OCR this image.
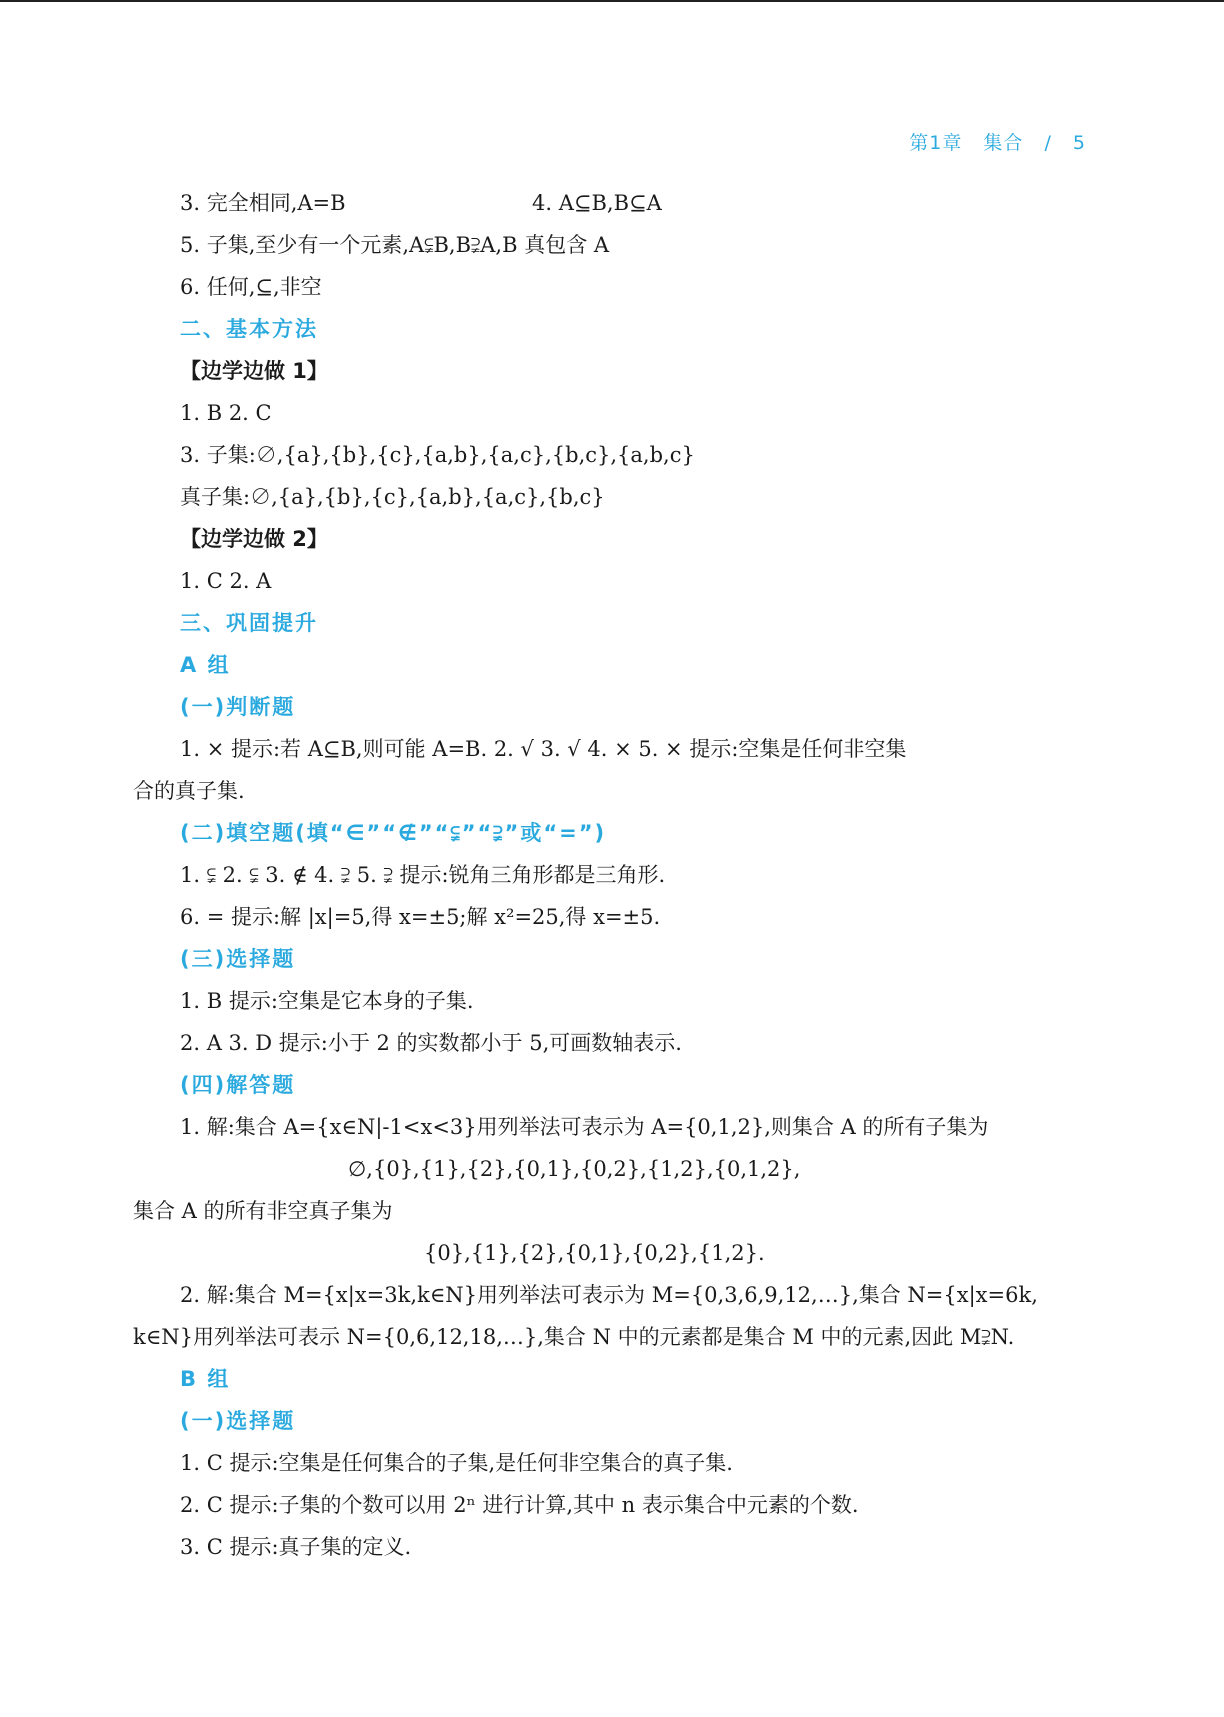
第1章 集合 / 5
3. 完全相同,A=B	4. A⊆B,B⊆A
5. 子集,至少有一个元素,A⫋B,B⫌A,B 真包含 A
6. 任何,⊆,非空
二、基本方法
【边学边做 1】
1. B 2. C
3. 子集:∅,{a},{b},{c},{a,b},{a,c},{b,c},{a,b,c}
真子集:∅,{a},{b},{c},{a,b},{a,c},{b,c}
【边学边做 2】
1. C 2. A
三、巩固提升
A 组
(一)判断题
1. × 提示:若 A⊆B,则可能 A=B. 2. √ 3. √ 4. × 5. × 提示:空集是任何非空集
合的真子集.
(二)填空题(填“∈”“∉”“⫋”“⫌”或“=”)
1. ⫋ 2. ⫋ 3. ∉ 4. ⫌ 5. ⫌ 提示:锐角三角形都是三角形.
6. = 提示:解 |x|=5,得 x=±5;解 x²=25,得 x=±5.
(三)选择题
1. B 提示:空集是它本身的子集.
2. A 3. D 提示:小于 2 的实数都小于 5,可画数轴表示.
(四)解答题
1. 解:集合 A={x∈N|-1<x<3}用列举法可表示为 A={0,1,2},则集合 A 的所有子集为
∅,{0},{1},{2},{0,1},{0,2},{1,2},{0,1,2},
集合 A 的所有非空真子集为
{0},{1},{2},{0,1},{0,2},{1,2}.
2. 解:集合 M={x|x=3k,k∈N}用列举法可表示为 M={0,3,6,9,12,…},集合 N={x|x=6k,
k∈N}用列举法可表示 N={0,6,12,18,…},集合 N 中的元素都是集合 M 中的元素,因此 M⫌N.
B 组
(一)选择题
1. C 提示:空集是任何集合的子集,是任何非空集合的真子集.
2. C 提示:子集的个数可以用 2ⁿ 进行计算,其中 n 表示集合中元素的个数.
3. C 提示:真子集的定义.
